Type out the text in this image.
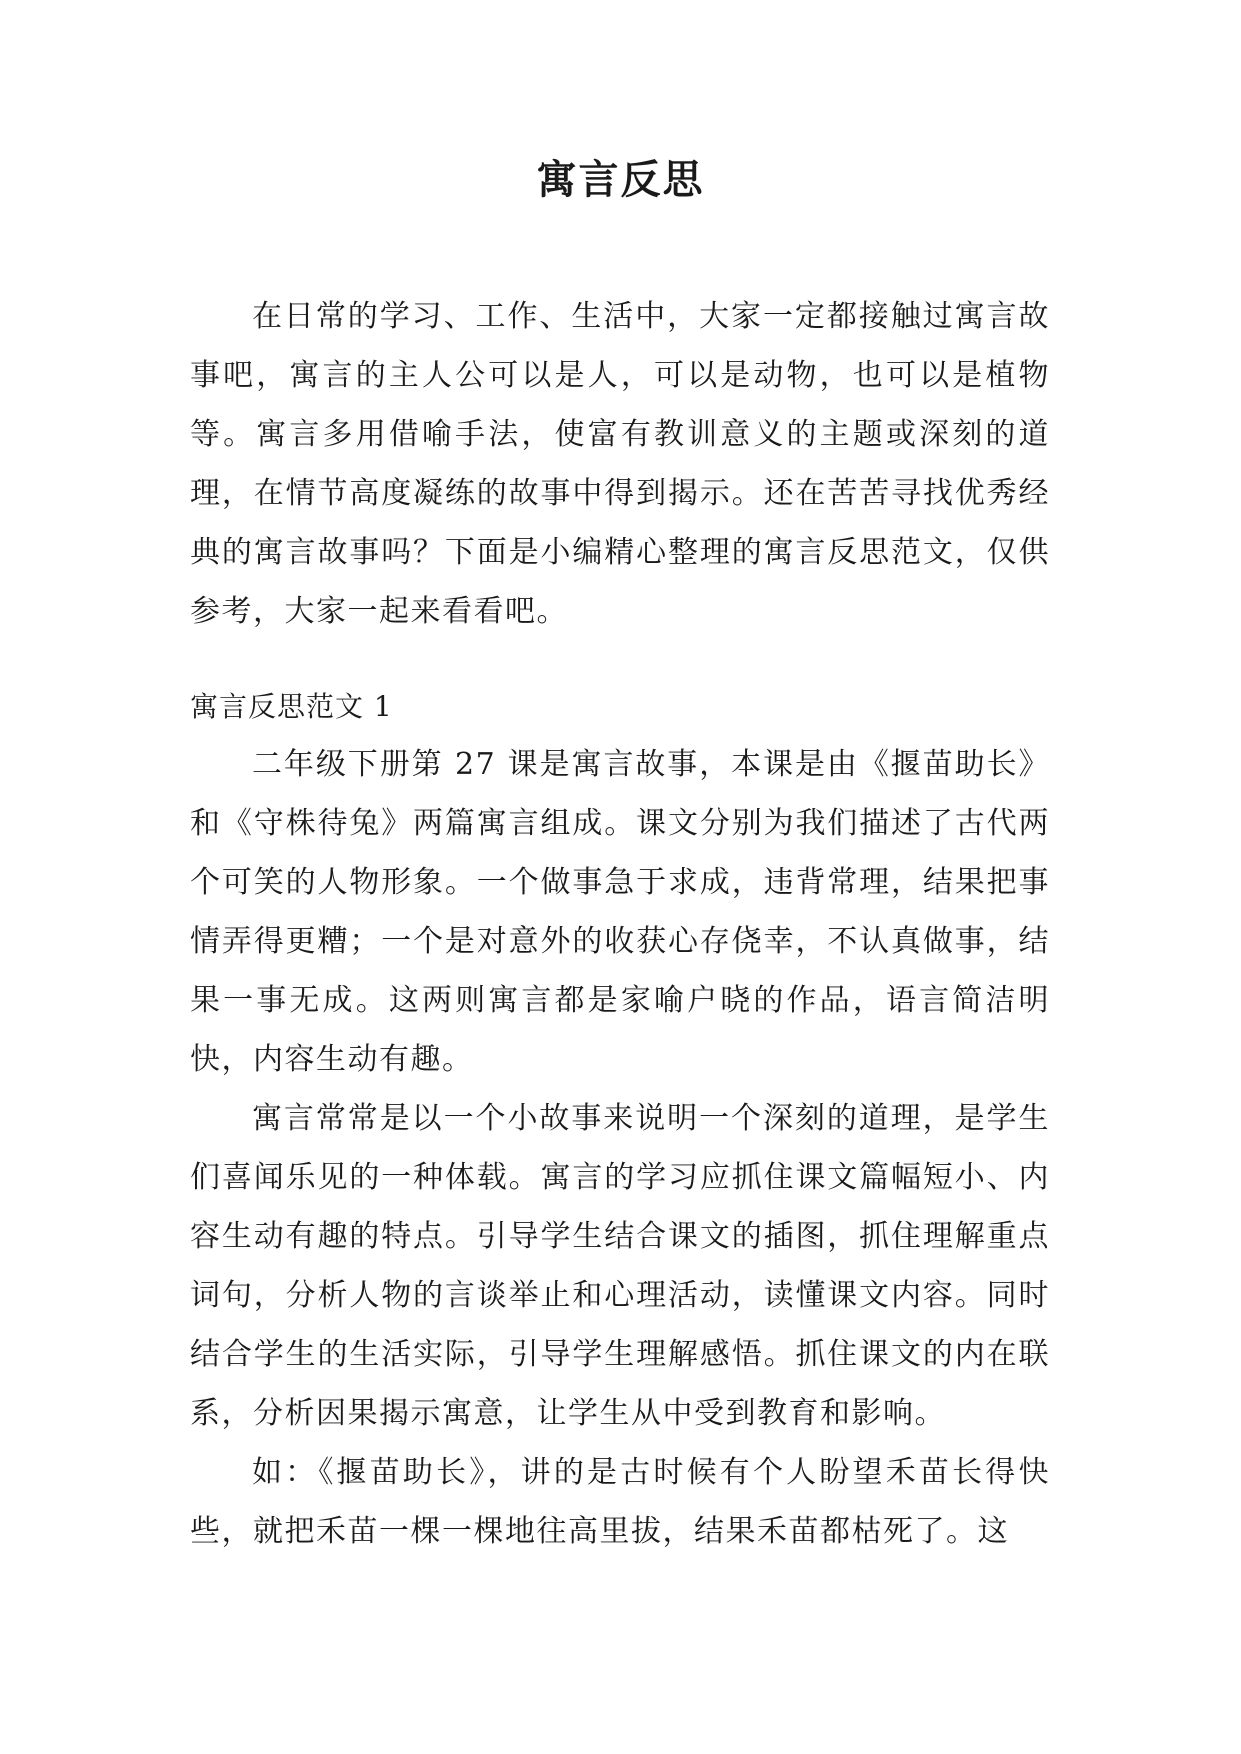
寓言反思

在日常的学习、工作、生活中，大家一定都接触过寓言故事吧，寓言的主人公可以是人，可以是动物，也可以是植物等。寓言多用借喻手法，使富有教训意义的主题或深刻的道理，在情节高度凝练的故事中得到揭示。还在苦苦寻找优秀经典的寓言故事吗？下面是小编精心整理的寓言反思范文，仅供参考，大家一起来看看吧。

寓言反思范文 1

二年级下册第 27 课是寓言故事，本课是由《揠苗助长》和《守株待兔》两篇寓言组成。课文分别为我们描述了古代两个可笑的人物形象。一个做事急于求成，违背常理，结果把事情弄得更糟；一个是对意外的收获心存侥幸，不认真做事，结果一事无成。这两则寓言都是家喻户晓的作品，语言简洁明快，内容生动有趣。

寓言常常是以一个小故事来说明一个深刻的道理，是学生们喜闻乐见的一种体载。寓言的学习应抓住课文篇幅短小、内容生动有趣的特点。引导学生结合课文的插图，抓住理解重点词句，分析人物的言谈举止和心理活动，读懂课文内容。同时结合学生的生活实际，引导学生理解感悟。抓住课文的内在联系，分析因果揭示寓意，让学生从中受到教育和影响。

如：《揠苗助长》，讲的是古时候有个人盼望禾苗长得快些，就把禾苗一棵一棵地往高里拔，结果禾苗都枯死了。这
